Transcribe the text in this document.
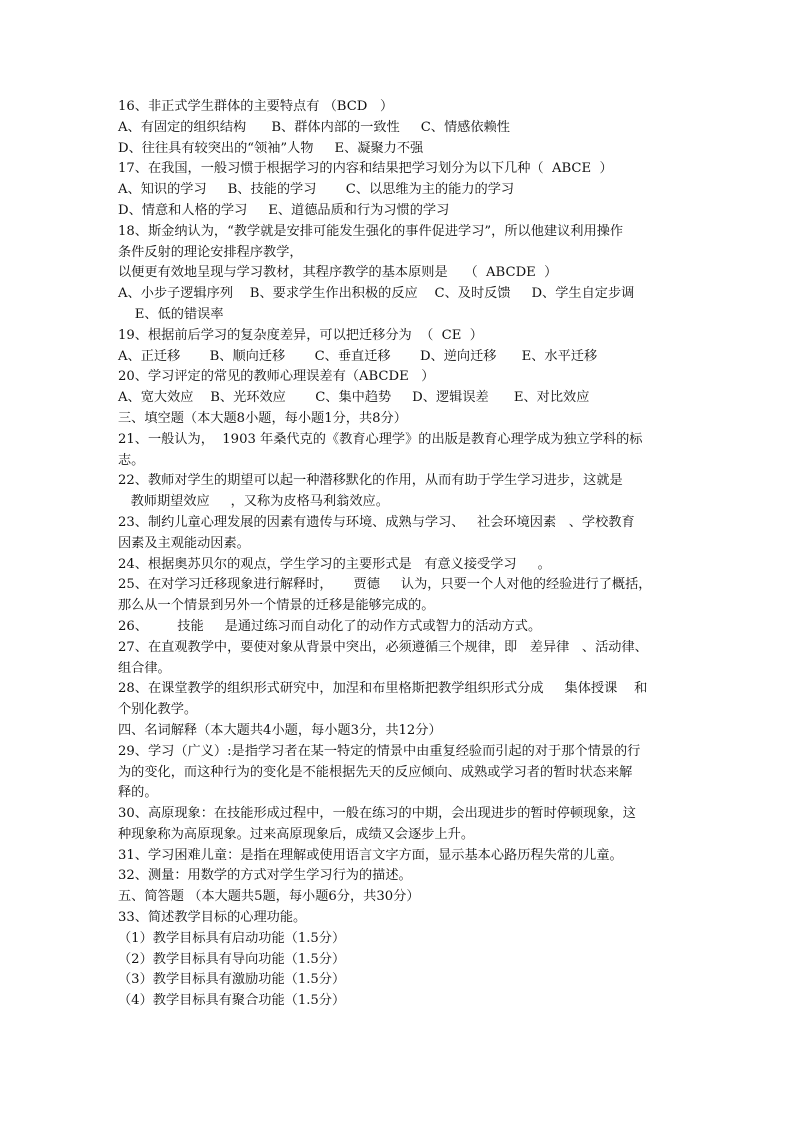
16、非正式学生群体的主要特点有 （BCD   ）
A、有固定的组织结构      B、群体内部的一致性     C、情感依赖性
D、往往具有较突出的“领袖”人物     E、凝聚力不强
17、在我国，一般习惯于根据学习的内容和结果把学习划分为以下几种（  ABCE  ）
A、知识的学习     B、技能的学习       C、以思维为主的能力的学习
D、情意和人格的学习     E、道德品质和行为习惯的学习
18、斯金纳认为，“教学就是安排可能发生强化的事件促进学习”，所以他建议利用操作
条件反射的理论安排程序教学，
以便更有效地呈现与学习教材，其程序教学的基本原则是    （  ABCDE  ）
A、小步子逻辑序列    B、要求学生作出积极的反应    C、及时反馈     D、学生自定步调
E、低的错误率
19、根据前后学习的复杂度差异，可以把迁移分为  （  CE  ）
A、正迁移       B、顺向迁移       C、垂直迁移       D、逆向迁移      E、水平迁移
20、学习评定的常见的教师心理误差有（ABCDE   ）
A、宽大效应    B、光环效应       C、集中趋势     D、逻辑误差      E、对比效应
三、填空题（本大题8小题，每小题1分，共8分）
21、一般认为，  1903 年桑代克的《教育心理学》的出版是教育心理学成为独立学科的标
志。
22、教师对学生的期望可以起一种潜移默化的作用，从而有助于学生学习进步，这就是
教师期望效应     ，又称为皮格马利翁效应。
23、制约儿童心理发展的因素有遗传与环境、成熟与学习、   社会环境因素   、学校教育
因素及主观能动因素。
24、根据奥苏贝尔的观点，学生学习的主要形式是   有意义接受学习     。
25、在对学习迁移现象进行解释时，     贾德     认为，只要一个人对他的经验进行了概括，
那么从一个情景到另外一个情景的迁移是能够完成的。
26、       技能     是通过练习而自动化了的动作方式或智力的活动方式。
27、在直观教学中，要使对象从背景中突出，必须遵循三个规律，即   差异律   、活动律、
组合律。
28、在课堂教学的组织形式研究中，加涅和布里格斯把教学组织形式分成     集体授课    和
个别化教学。
四、名词解释（本大题共4小题，每小题3分，共12分）
29、学习（广义）:是指学习者在某一特定的情景中由重复经验而引起的对于那个情景的行
为的变化，而这种行为的变化是不能根据先天的反应倾向、成熟或学习者的暂时状态来解
释的。
30、高原现象：在技能形成过程中，一般在练习的中期，会出现进步的暂时停顿现象，这
种现象称为高原现象。过来高原现象后，成绩又会逐步上升。
31、学习困难儿童：是指在理解或使用语言文字方面，显示基本心路历程失常的儿童。
32、测量：用数学的方式对学生学习行为的描述。
五、简答题 （本大题共5题，每小题6分，共30分）
33、简述教学目标的心理功能。
（1）教学目标具有启动功能（1.5分）
（2）教学目标具有导向功能（1.5分）
（3）教学目标具有激励功能（1.5分）
（4）教学目标具有聚合功能（1.5分）
